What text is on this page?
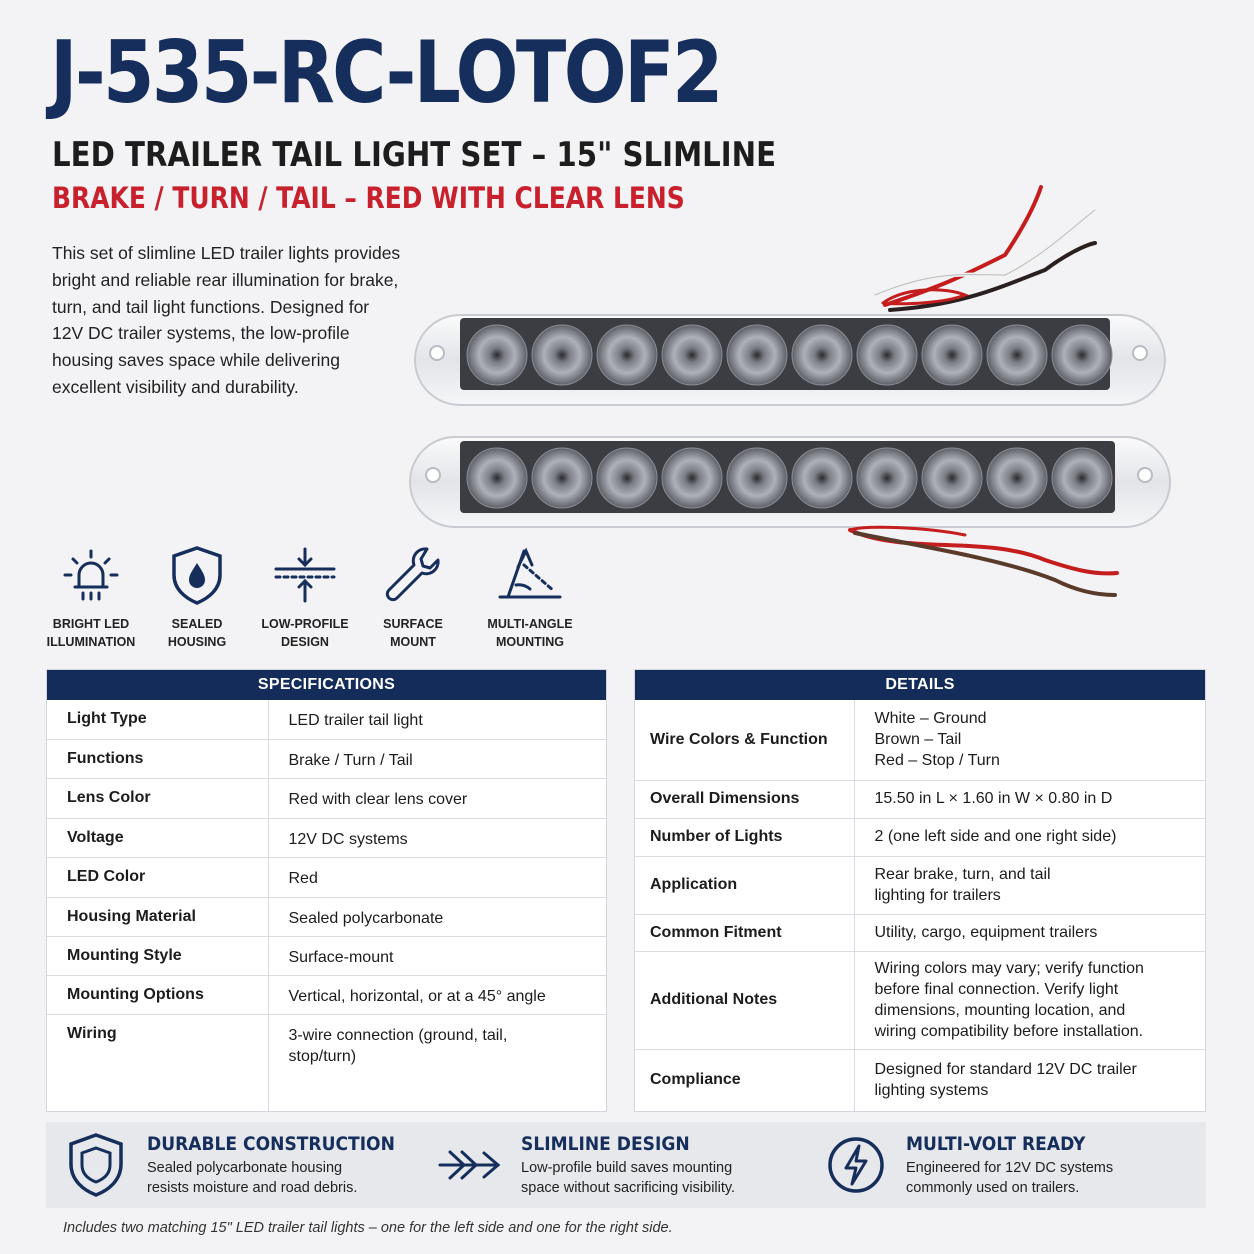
J-535-RC-LOTOF2
LED TRAILER TAIL LIGHT SET – 15" SLIMLINE
BRAKE / TURN / TAIL – RED WITH CLEAR LENS
This set of slimline LED trailer lights provides
bright and reliable rear illumination for brake,
turn, and tail light functions. Designed for
12V DC trailer systems, the low-profile
housing saves space while delivering
excellent visibility and durability.
BRIGHT LED
ILLUMINATION
SEALED
HOUSING
LOW-PROFILE
DESIGN
SURFACE
MOUNT
MULTI-ANGLE
MOUNTING
SPECIFICATIONS
Light Type	LED trailer tail light
Functions	Brake / Turn / Tail
Lens Color	Red with clear lens cover
Voltage	12V DC systems
LED Color	Red
Housing Material	Sealed polycarbonate
Mounting Style	Surface-mount
Mounting Options	Vertical, horizontal, or at a 45° angle
Wiring	3-wire connection (ground, tail,
stop/turn)
DETAILS
Wire Colors & Function	White – Ground
Brown – Tail
Red – Stop / Turn

Overall Dimensions	15.50 in L × 1.60 in W × 0.80 in D
Number of Lights	2 (one left side and one right side)
Application	Rear brake, turn, and tail
lighting for trailers

Common Fitment	Utility, cargo, equipment trailers
Additional Notes	Wiring colors may vary; verify function
before final connection. Verify light
dimensions, mounting location, and
wiring compatibility before installation.

Compliance	Designed for standard 12V DC trailer
lighting systems
DURABLE CONSTRUCTION
Sealed polycarbonate housing
resists moisture and road debris.
SLIMLINE DESIGN
Low-profile build saves mounting
space without sacrificing visibility.
MULTI-VOLT READY
Engineered for 12V DC systems
commonly used on trailers.
Includes two matching 15" LED trailer tail lights – one for the left side and one for the right side.
